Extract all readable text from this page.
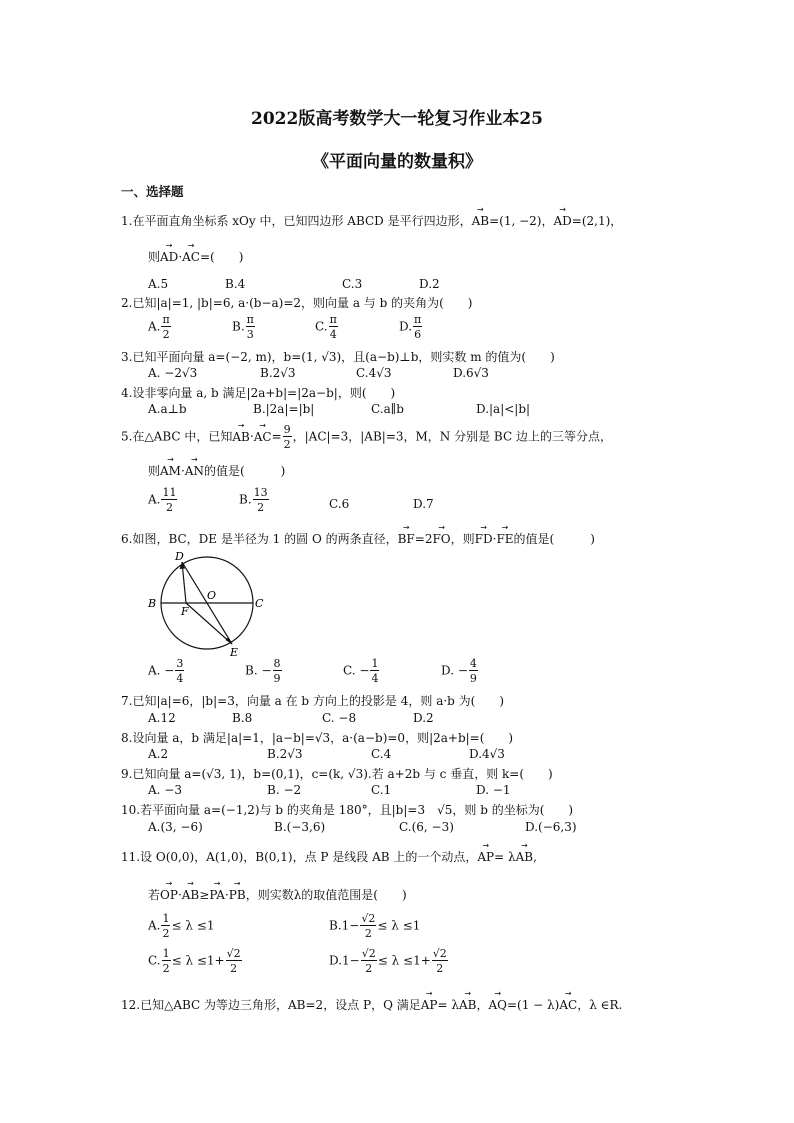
2022版高考数学大一轮复习作业本25
《平面向量的数量积》
一、选择题
1.在平面直角坐标系 xOy 中，已知四边形 ABCD 是平行四边形，→ AB=(1, −2)，→ AD=(2,1)，
则→ AD·→ AC=(　　)
A.5	B.4	C.3	D.2
2.已知|a|=1, |b|=6, a·(b−a)=2，则向量 a 与 b 的夹角为(　　)
A. $\frac{\pi}{2}$	B. $\frac{\pi}{3}$	C. $\frac{\pi}{4}$	D. $\frac{\pi}{6}$
3.已知平面向量 a=(−2, m)，b=(1, √3)，且(a−b)⊥b，则实数 m 的值为(　　)
A. −2√3	B.2√3	C.4√3	D.6√3
4.设非零向量 a, b 满足|2a+b|=|2a−b|，则(　　)
A.a⊥b	B.|2a|=|b|	C.a∥b	D.|a|<|b|
5.在△ABC 中，已知→ $AB\cdot\to AC= \frac{9}{2}$ ，|AC|=3，|AB|=3，M，N 分别是 BC 边上的三等分点，
则→ AM·→ AN的值是(　　　)
A. $\frac{11}{2}$	B. $\frac{13}{2}$	C.6	D.7
6.如图，BC，DE 是半径为 1 的圆 O 的两条直径，→ BF=2→ FO，则→ FD·→ FE的值是(　　　)
D
B
F
O
C
E
A. − $\frac{3}{4}$	B. − $\frac{8}{9}$	C. − $\frac{1}{4}$	D. − $\frac{4}{9}$
7.已知|a|=6，|b|=3，向量 a 在 b 方向上的投影是 4，则 a·b 为(　　)
A.12	B.8	C. −8	D.2
8.设向量 a，b 满足|a|=1，|a−b|=√3，a·(a−b)=0，则|2a+b|=(　　)
A.2	B.2√3	C.4	D.4√3
9.已知向量 a=(√3, 1)，b=(0,1)，c=(k, √3).若 a+2b 与 c 垂直，则 k=(　　)
A. −3	B. −2	C.1	D. −1
10.若平面向量 a=(−1,2)与 b 的夹角是 180°，且|b|=3　√5，则 b 的坐标为(　　)
A.(3, −6)	B.(−3,6)	C.(6, −3)	D.(−6,3)
11.设 O(0,0)，A(1,0)，B(0,1)，点 P 是线段 AB 上的一个动点，→ AP= λ→ AB,
若→ OP·→ AB≥→ PA·→ PB，则实数λ的取值范围是(　　)
A. $\frac{1}{2} \le \lambda \le 1$	$B.1- \frac{√2}{2} \le \lambda \le 1$
C. $\frac{1}{2} \le \lambda \le 1+ \frac{√2}{2}$	$D.1- \frac{√2}{2} \le \lambda \le 1+ \frac{√2}{2}$
12.已知△ABC 为等边三角形，AB=2，设点 P，Q 满足→ AP= λ→ AB，→ AQ=(1 − λ)→ AC，λ ∈R.
